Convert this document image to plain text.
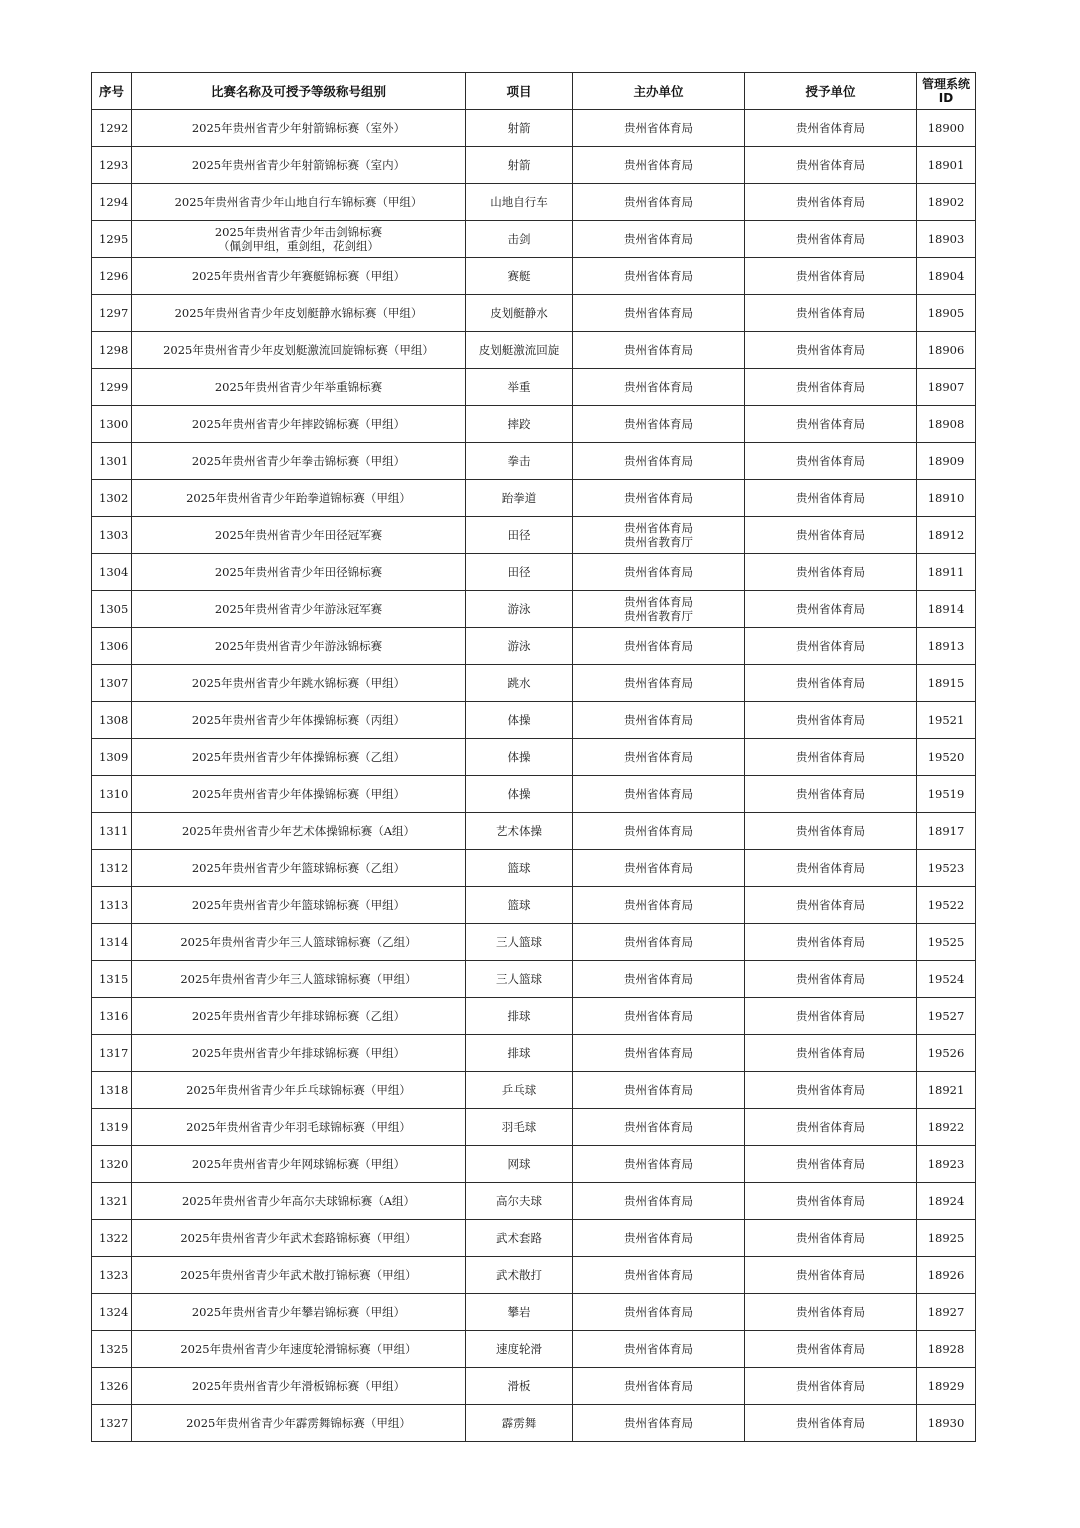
序号	比赛名称及可授予等级称号组别	项目	主办单位	授予单位	管理系统ID
1292	2025年贵州省青少年射箭锦标赛（室外）	射箭	贵州省体育局	贵州省体育局	18900
1293	2025年贵州省青少年射箭锦标赛（室内）	射箭	贵州省体育局	贵州省体育局	18901
1294	2025年贵州省青少年山地自行车锦标赛（甲组）	山地自行车	贵州省体育局	贵州省体育局	18902
1295	2025年贵州省青少年击剑锦标赛
（佩剑甲组，重剑组，花剑组）	击剑	贵州省体育局	贵州省体育局	18903
1296	2025年贵州省青少年赛艇锦标赛（甲组）	赛艇	贵州省体育局	贵州省体育局	18904
1297	2025年贵州省青少年皮划艇静水锦标赛（甲组）	皮划艇静水	贵州省体育局	贵州省体育局	18905
1298	2025年贵州省青少年皮划艇激流回旋锦标赛（甲组）	皮划艇激流回旋	贵州省体育局	贵州省体育局	18906
1299	2025年贵州省青少年举重锦标赛	举重	贵州省体育局	贵州省体育局	18907
1300	2025年贵州省青少年摔跤锦标赛（甲组）	摔跤	贵州省体育局	贵州省体育局	18908
1301	2025年贵州省青少年拳击锦标赛（甲组）	拳击	贵州省体育局	贵州省体育局	18909
1302	2025年贵州省青少年跆拳道锦标赛（甲组）	跆拳道	贵州省体育局	贵州省体育局	18910
1303	2025年贵州省青少年田径冠军赛	田径	贵州省体育局
贵州省教育厅	贵州省体育局	18912
1304	2025年贵州省青少年田径锦标赛	田径	贵州省体育局	贵州省体育局	18911
1305	2025年贵州省青少年游泳冠军赛	游泳	贵州省体育局
贵州省教育厅	贵州省体育局	18914
1306	2025年贵州省青少年游泳锦标赛	游泳	贵州省体育局	贵州省体育局	18913
1307	2025年贵州省青少年跳水锦标赛（甲组）	跳水	贵州省体育局	贵州省体育局	18915
1308	2025年贵州省青少年体操锦标赛（丙组）	体操	贵州省体育局	贵州省体育局	19521
1309	2025年贵州省青少年体操锦标赛（乙组）	体操	贵州省体育局	贵州省体育局	19520
1310	2025年贵州省青少年体操锦标赛（甲组）	体操	贵州省体育局	贵州省体育局	19519
1311	2025年贵州省青少年艺术体操锦标赛（A组）	艺术体操	贵州省体育局	贵州省体育局	18917
1312	2025年贵州省青少年篮球锦标赛（乙组）	篮球	贵州省体育局	贵州省体育局	19523
1313	2025年贵州省青少年篮球锦标赛（甲组）	篮球	贵州省体育局	贵州省体育局	19522
1314	2025年贵州省青少年三人篮球锦标赛（乙组）	三人篮球	贵州省体育局	贵州省体育局	19525
1315	2025年贵州省青少年三人篮球锦标赛（甲组）	三人篮球	贵州省体育局	贵州省体育局	19524
1316	2025年贵州省青少年排球锦标赛（乙组）	排球	贵州省体育局	贵州省体育局	19527
1317	2025年贵州省青少年排球锦标赛（甲组）	排球	贵州省体育局	贵州省体育局	19526
1318	2025年贵州省青少年乒乓球锦标赛（甲组）	乒乓球	贵州省体育局	贵州省体育局	18921
1319	2025年贵州省青少年羽毛球锦标赛（甲组）	羽毛球	贵州省体育局	贵州省体育局	18922
1320	2025年贵州省青少年网球锦标赛（甲组）	网球	贵州省体育局	贵州省体育局	18923
1321	2025年贵州省青少年高尔夫球锦标赛（A组）	高尔夫球	贵州省体育局	贵州省体育局	18924
1322	2025年贵州省青少年武术套路锦标赛（甲组）	武术套路	贵州省体育局	贵州省体育局	18925
1323	2025年贵州省青少年武术散打锦标赛（甲组）	武术散打	贵州省体育局	贵州省体育局	18926
1324	2025年贵州省青少年攀岩锦标赛（甲组）	攀岩	贵州省体育局	贵州省体育局	18927
1325	2025年贵州省青少年速度轮滑锦标赛（甲组）	速度轮滑	贵州省体育局	贵州省体育局	18928
1326	2025年贵州省青少年滑板锦标赛（甲组）	滑板	贵州省体育局	贵州省体育局	18929
1327	2025年贵州省青少年霹雳舞锦标赛（甲组）	霹雳舞	贵州省体育局	贵州省体育局	18930
